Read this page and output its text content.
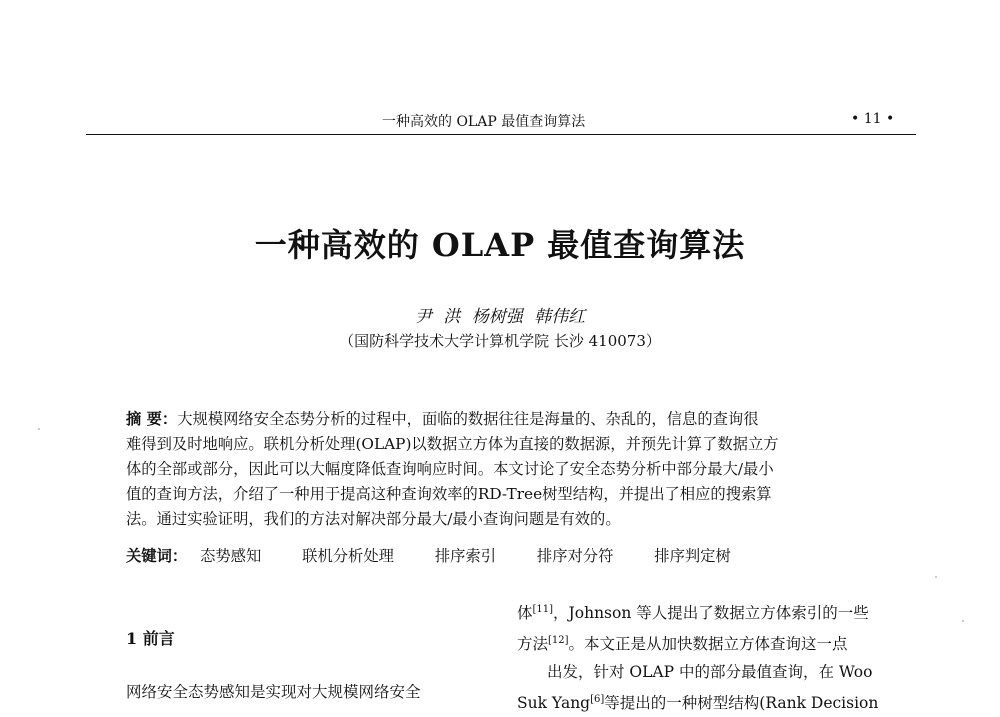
一种高效的 OLAP 最值查询算法	• 11 •
一种高效的 OLAP 最值查询算法
尹 洪 杨树强 韩伟红
（国防科学技术大学计算机学院 长沙 410073）
摘 要：大规模网络安全态势分析的过程中，面临的数据往往是海量的、杂乱的，信息的查询很
难得到及时地响应。联机分析处理(OLAP)以数据立方体为直接的数据源，并预先计算了数据立方
体的全部或部分，因此可以大幅度降低查询响应时间。本文讨论了安全态势分析中部分最大/最小
值的查询方法，介绍了一种用于提高这种查询效率的RD-Tree树型结构，并提出了相应的搜索算
法。通过实验证明，我们的方法对解决部分最大/最小查询问题是有效的。
关键词： 态势感知	联机分析处理	排序索引	排序对分符	排序判定树
体[11]，Johnson 等人提出了数据立方体索引的一些
方法[12]。本文正是从加快数据立方体查询这一点
出发，针对 OLAP 中的部分最值查询，在 Woo
Suk Yang[6]等提出的一种树型结构(Rank Decision
1 前言
网络安全态势感知是实现对大规模网络安全
